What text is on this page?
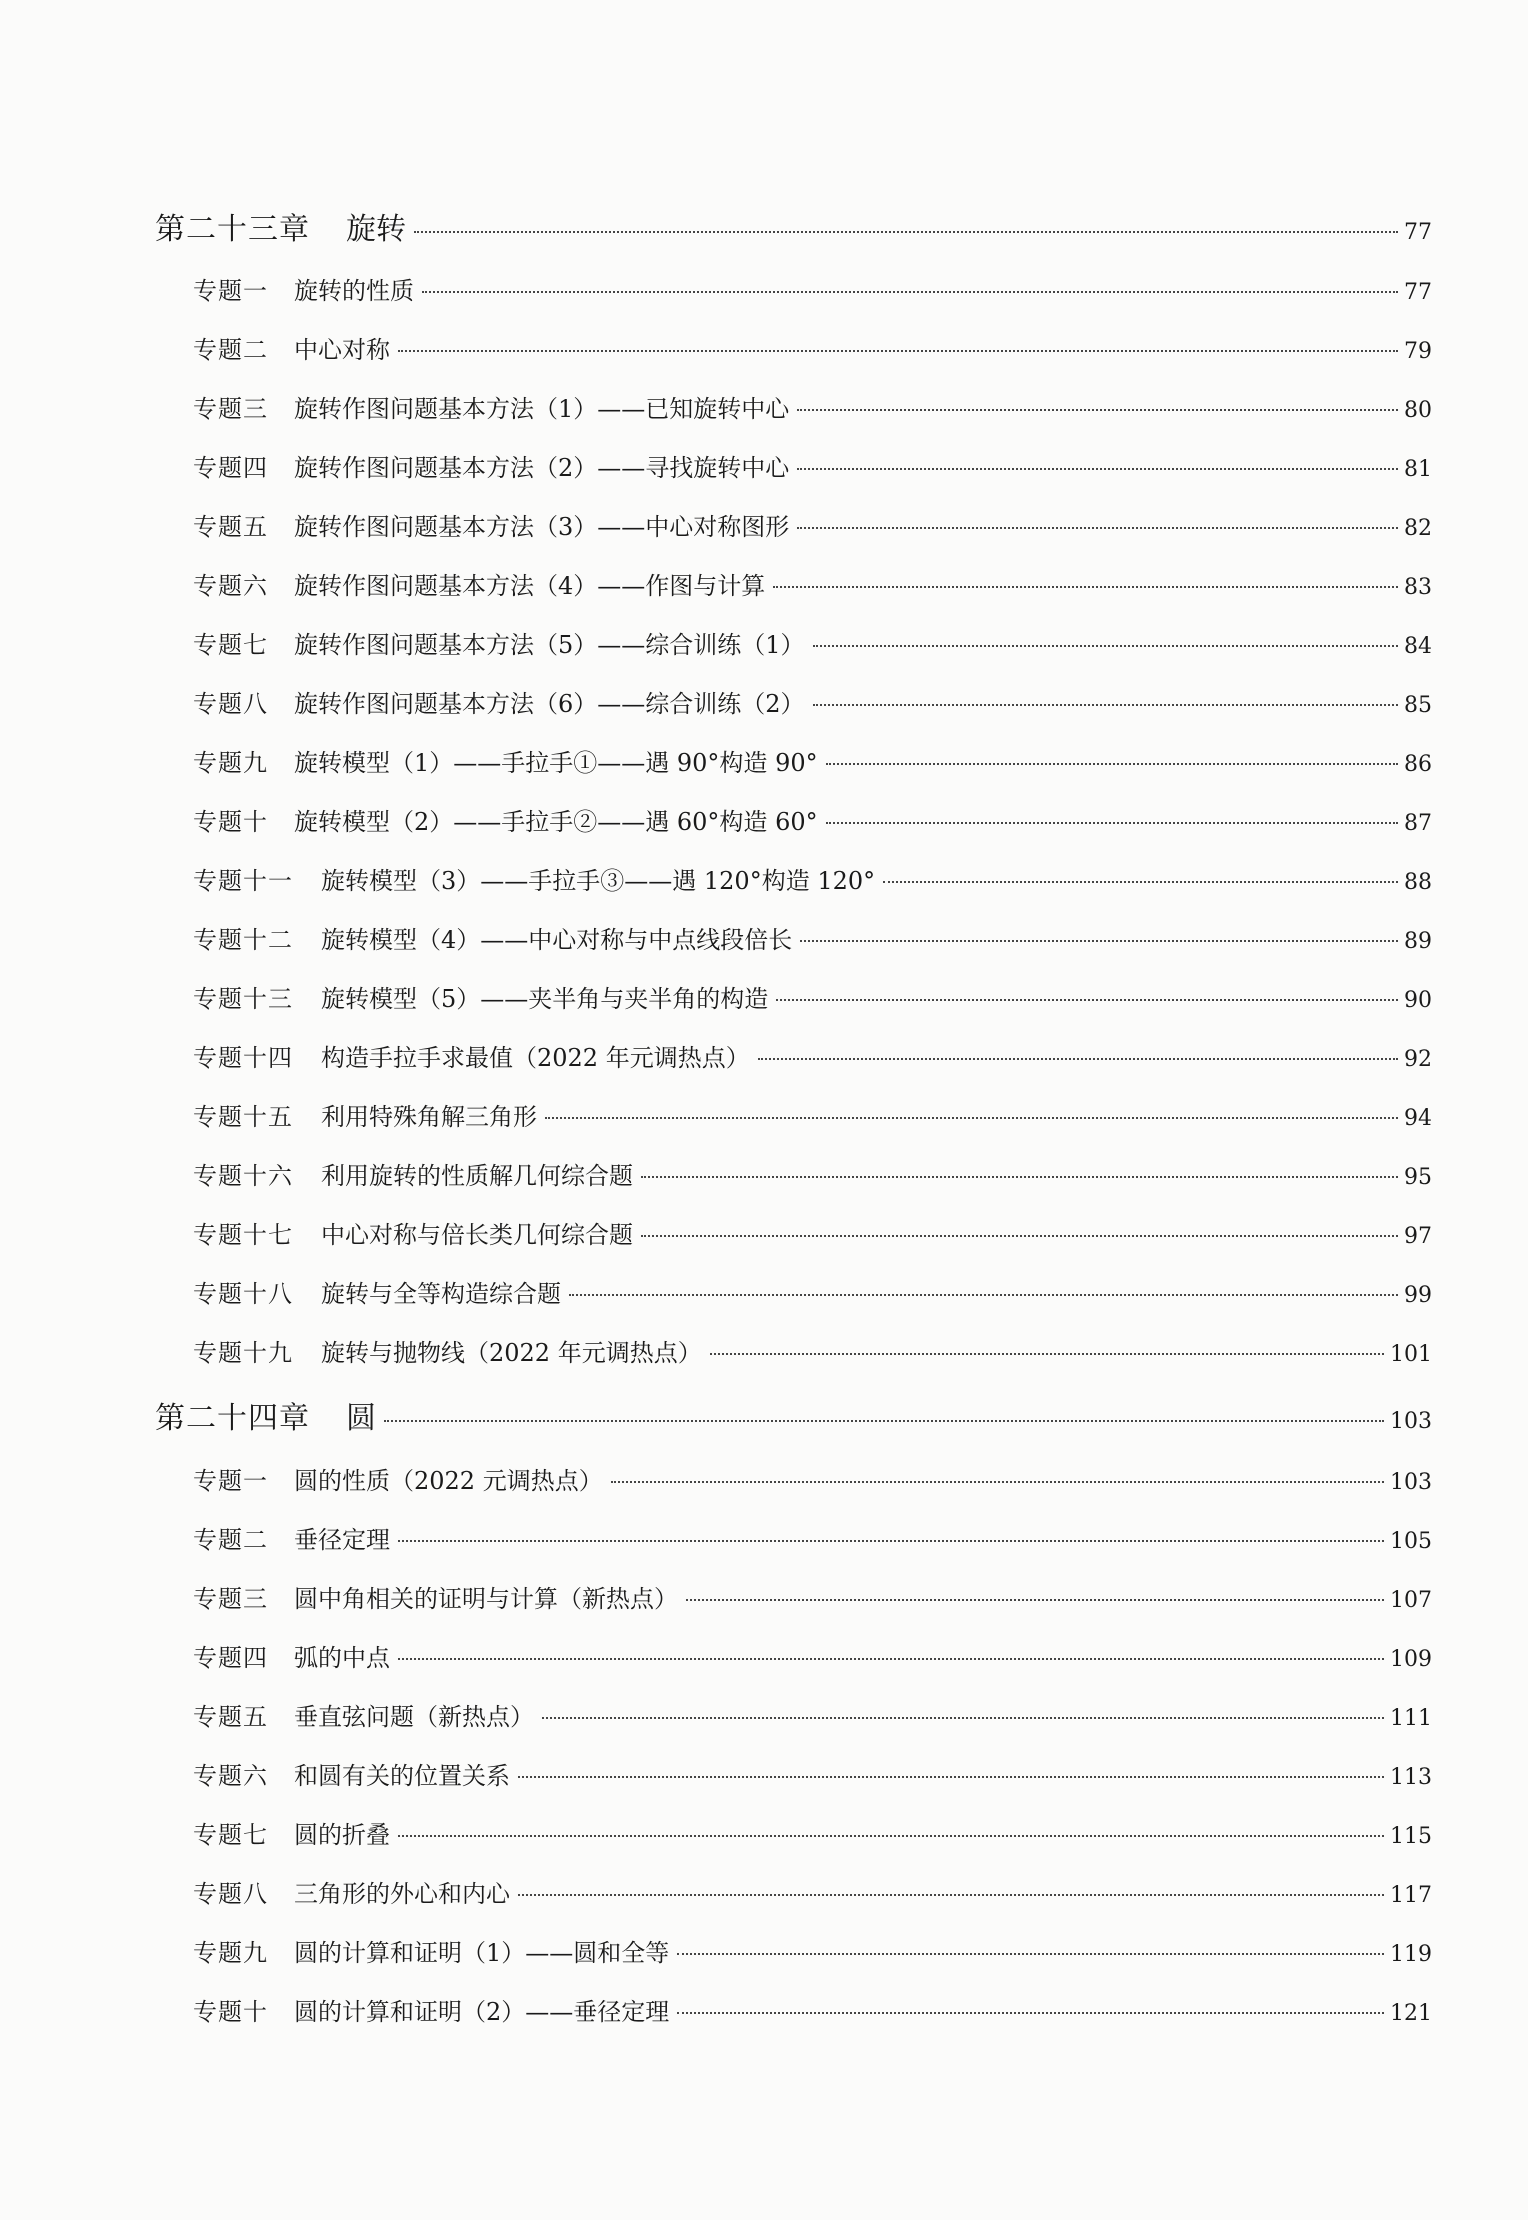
第二十三章 旋转	77
专题一 旋转的性质	77
专题二 中心对称	79
专题三 旋转作图问题基本方法（1）——已知旋转中心	80
专题四 旋转作图问题基本方法（2）——寻找旋转中心	81
专题五 旋转作图问题基本方法（3）——中心对称图形	82
专题六 旋转作图问题基本方法（4）——作图与计算	83
专题七 旋转作图问题基本方法（5）——综合训练（1）	84
专题八 旋转作图问题基本方法（6）——综合训练（2）	85
专题九 旋转模型（1）——手拉手①——遇 90°构造 90°	86
专题十 旋转模型（2）——手拉手②——遇 60°构造 60°	87
专题十一 旋转模型（3）——手拉手③——遇 120°构造 120°	88
专题十二 旋转模型（4）——中心对称与中点线段倍长	89
专题十三 旋转模型（5）——夹半角与夹半角的构造	90
专题十四 构造手拉手求最值（2022 年元调热点）	92
专题十五 利用特殊角解三角形	94
专题十六 利用旋转的性质解几何综合题	95
专题十七 中心对称与倍长类几何综合题	97
专题十八 旋转与全等构造综合题	99
专题十九 旋转与抛物线（2022 年元调热点）	101
第二十四章 圆	103
专题一 圆的性质（2022 元调热点）	103
专题二 垂径定理	105
专题三 圆中角相关的证明与计算（新热点）	107
专题四 弧的中点	109
专题五 垂直弦问题（新热点）	111
专题六 和圆有关的位置关系	113
专题七 圆的折叠	115
专题八 三角形的外心和内心	117
专题九 圆的计算和证明（1）——圆和全等	119
专题十 圆的计算和证明（2）——垂径定理	121
